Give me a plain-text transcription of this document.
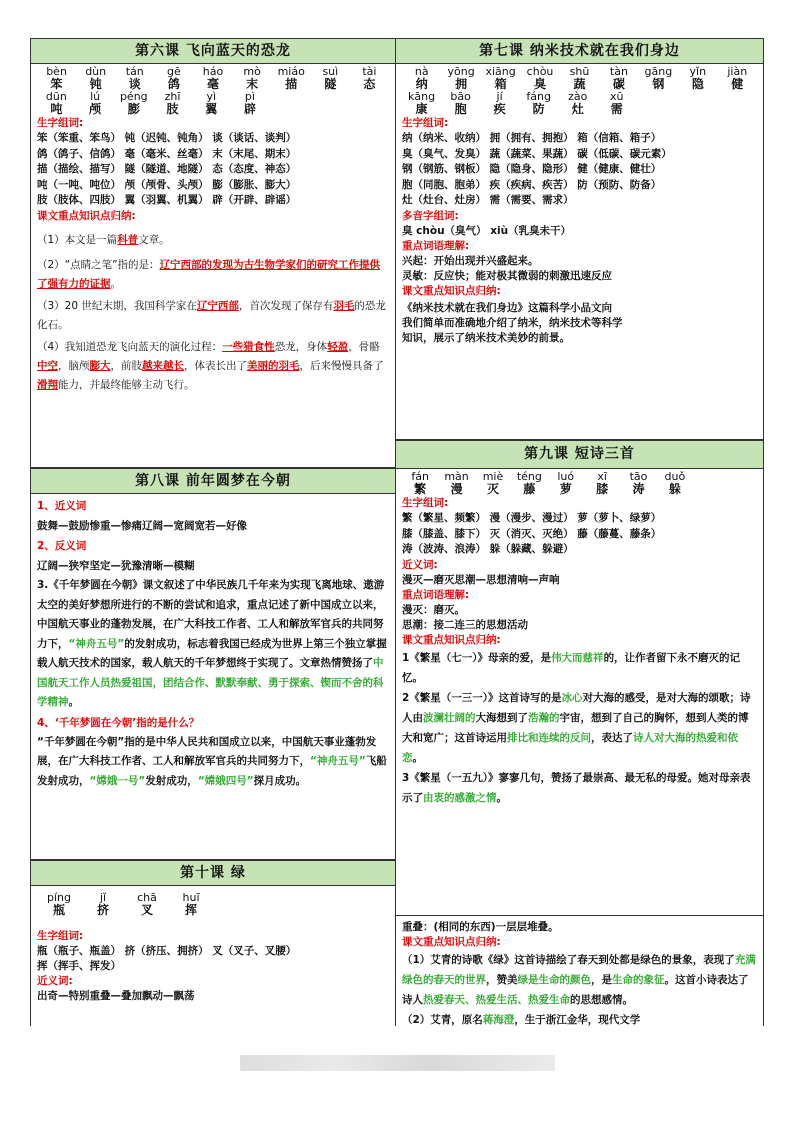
第六课 飞向蓝天的恐龙
bèn
笨
dùn
钝
tán
谈
gē
鸽
háo
毫
mò
末
miáo
描
suì
隧
tài
态
dūn
吨
lú
颅
péng
膨
zhī
肢
yì
翼
pì
辟

生字组词:

笨（笨重、笨鸟） 钝（迟钝、钝角） 谈（谈话、谈判）

鸽（鸽子、信鸽） 毫（毫米、丝毫） 末（末尾、期末）

描（描绘、描写） 隧（隧道、地隧） 态（态度、神态）

吨（一吨、吨位） 颅（颅骨、头颅） 膨（膨胀、膨大）

肢（肢体、四肢） 翼（羽翼、机翼） 辟（开辟、辟谣）

课文重点知识点归纳:

（1）本文是一篇科普文章。

（2）“点睛之笔”指的是：辽宁西部的发现为古生物学家们的研究工作提供了强有力的证据。

（3）20 世纪末期，我国科学家在辽宁西部，首次发现了保存有羽毛的恐龙化石。

（4）我知道恐龙飞向蓝天的演化过程：一些猎食性恐龙，身体轻盈，骨骼中空，脑颅膨大，前肢越来越长，体表长出了美丽的羽毛，后来慢慢具备了滑翔能力，并最终能够主动飞行。

第八课 前年圆梦在今朝

1、近义词

鼓舞—鼓励惨重—惨痛辽阔—宽阔宽若—好像

2、反义词

辽阔—狭窄坚定—犹豫清晰—模糊

3.《千年梦圆在今朝》课文叙述了中华民族几千年来为实现飞离地球、遨游太空的美好梦想所进行的不断的尝试和追求，重点记述了新中国成立以来，中国航天事业的蓬勃发展，在广大科技工作者、工人和解放军官兵的共同努力下，“神舟五号”的发射成功，标志着我国已经成为世界上第三个独立掌握载人航天技术的国家，载人航天的千年梦想终于实现了。文章热情赞扬了中国航天工作人员热爱祖国，团结合作、默默奉献、勇于探索、锲而不舍的科学精神。

4、‘千年梦圆在今朝’指的是什么？

“千年梦圆在今朝”指的是中华人民共和国成立以来，中国航天事业蓬勃发展，在广大科技工作者、工人和解放军官兵的共同努力下，“神舟五号”飞船发射成功，“嫦娥一号”发射成功，“嫦娥四号”探月成功。

第十课 绿
píng
瓶
jǐ
挤
chā
叉
huī
挥

生字组词:

瓶（瓶子、瓶盖） 挤（挤压、拥挤） 叉（叉子、叉腰）

挥（挥手、挥发）

近义词:

出奇—特别重叠—叠加飘动—飘荡

第七课 纳米技术就在我们身边
nà
纳
yōng
拥
xiāng
箱
chòu
臭
shū
蔬
tàn
碳
gāng
钢
yǐn
隐
jiàn
健
kāng
康
bāo
胞
jí
疾
fáng
防
zào
灶
xū
需

生字组词:

纳（纳米、收纳） 拥（拥有、拥抱） 箱（信箱、箱子）

臭（臭气、发臭） 蔬（蔬菜、果蔬） 碳（低碳、碳元素）

钢（钢筋、钢板） 隐（隐身、隐形） 健（健康、健壮）

胞（同胞、胞弟） 疾（疾病、疾苦） 防（预防、防备）

灶（灶台、灶房） 需（需要、需求）

多音字组词:

臭 chòu（臭气） xiù（乳臭未干）

重点词语理解:

兴起：开始出现并兴盛起来。

灵敏：反应快；能对极其微弱的刺激迅速反应

课文重点知识点归纳:

《纳米技术就在我们身边》这篇科学小品文向

我们简单而准确地介绍了纳米，纳米技术等科学

知识，展示了纳米技术美妙的前景。

第九课 短诗三首
fán
繁
màn
漫
miè
灭
téng
藤
luó
萝
xī
膝
tāo
涛
duǒ
躲

生字组词:

繁（繁星、频繁） 漫（漫步、漫过） 萝（萝卜、绿萝）

膝（膝盖、膝下） 灭（消灭、灭绝） 藤（藤蔓、藤条）

涛（波涛、浪涛） 躲（躲藏、躲避）

近义词:

漫灭—磨灭思潮—思想清响—声响

重点词语理解:

漫灭：磨灭。

思潮：接二连三的思想活动

课文重点知识点归纳:

1《繁星（七一）》母亲的爱，是伟大而慈祥的，让作者留下永不磨灭的记忆。

2《繁星（一三一）》这首诗写的是冰心对大海的感受，是对大海的颂歌；诗人由波澜壮阔的大海想到了浩瀚的宇宙，想到了自己的胸怀，想到人类的博大和宽广；这首诗运用排比和连续的反问，表达了诗人对大海的热爱和依恋。

3《繁星（一五九）》寥寥几句，赞扬了最崇高、最无私的母爱。她对母亲表示了由衷的感激之情。

重叠：(相同的东西)一层层堆叠。

课文重点知识点归纳:

（1）艾青的诗歌《绿》这首诗描绘了春天到处都是绿色的景象，表现了充满绿色的春天的世界，赞美绿是生命的颜色，是生命的象征。这首小诗表达了诗人热爱春天、热爱生活、热爱生命的思想感情。

（2）艾青，原名蒋海澄，生于浙江金华，现代文学
